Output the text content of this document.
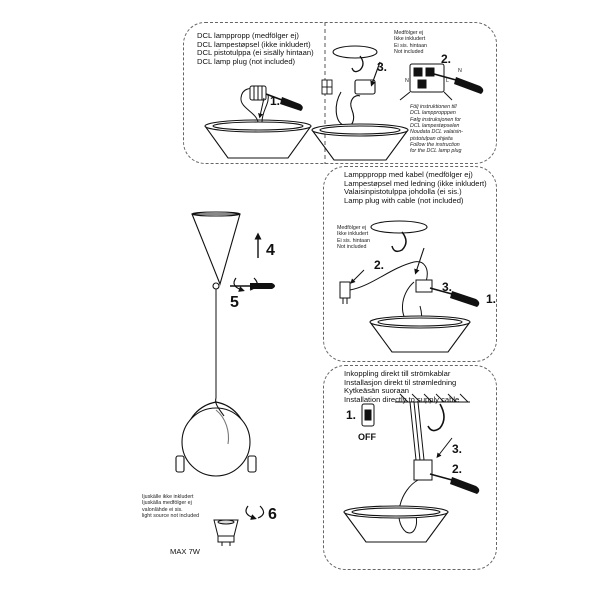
DCL lamppropp (medfölger ej)
DCL lampestøpsel (ikke inkludert)
DCL pistotulppa (ei sisälly hintaan)
DCL lamp plug (not included)
Medfölger ej
Ikke inkludert
Ei sis. hintaan
Not included
Följ instruktionen till
DCL lamppropppen
Følg instruksjonen for
DCL lampestøpselen
Noudata DCL valaisin-
pistotulpan ohjeita
Follow the instruction
for the DCL lamp plug
1.
2.
3.
N	L
N
Lampppropp med kabel (medfölger ej)
Lampestøpsel med ledning (ikke inkludert)
Valaisinpistotulppa johdolla (ei sis.)
Lamp plug with cable (not included)
Medfölger ej
Ikke inkludert
Ei sis. hintaan
Not included
1.
2.
3.
Inkoppling direkt till strömkablar
Installasjon direkt til strømledning
Kytkeäsän suoraan
Installation directly to supply cable
1.
OFF
2.
3.
4
5
6
Ijuskälle ikke inkludert
Ijuskälla medfölger ej
valonlähde ei sis.
light source not included
MAX 7W
